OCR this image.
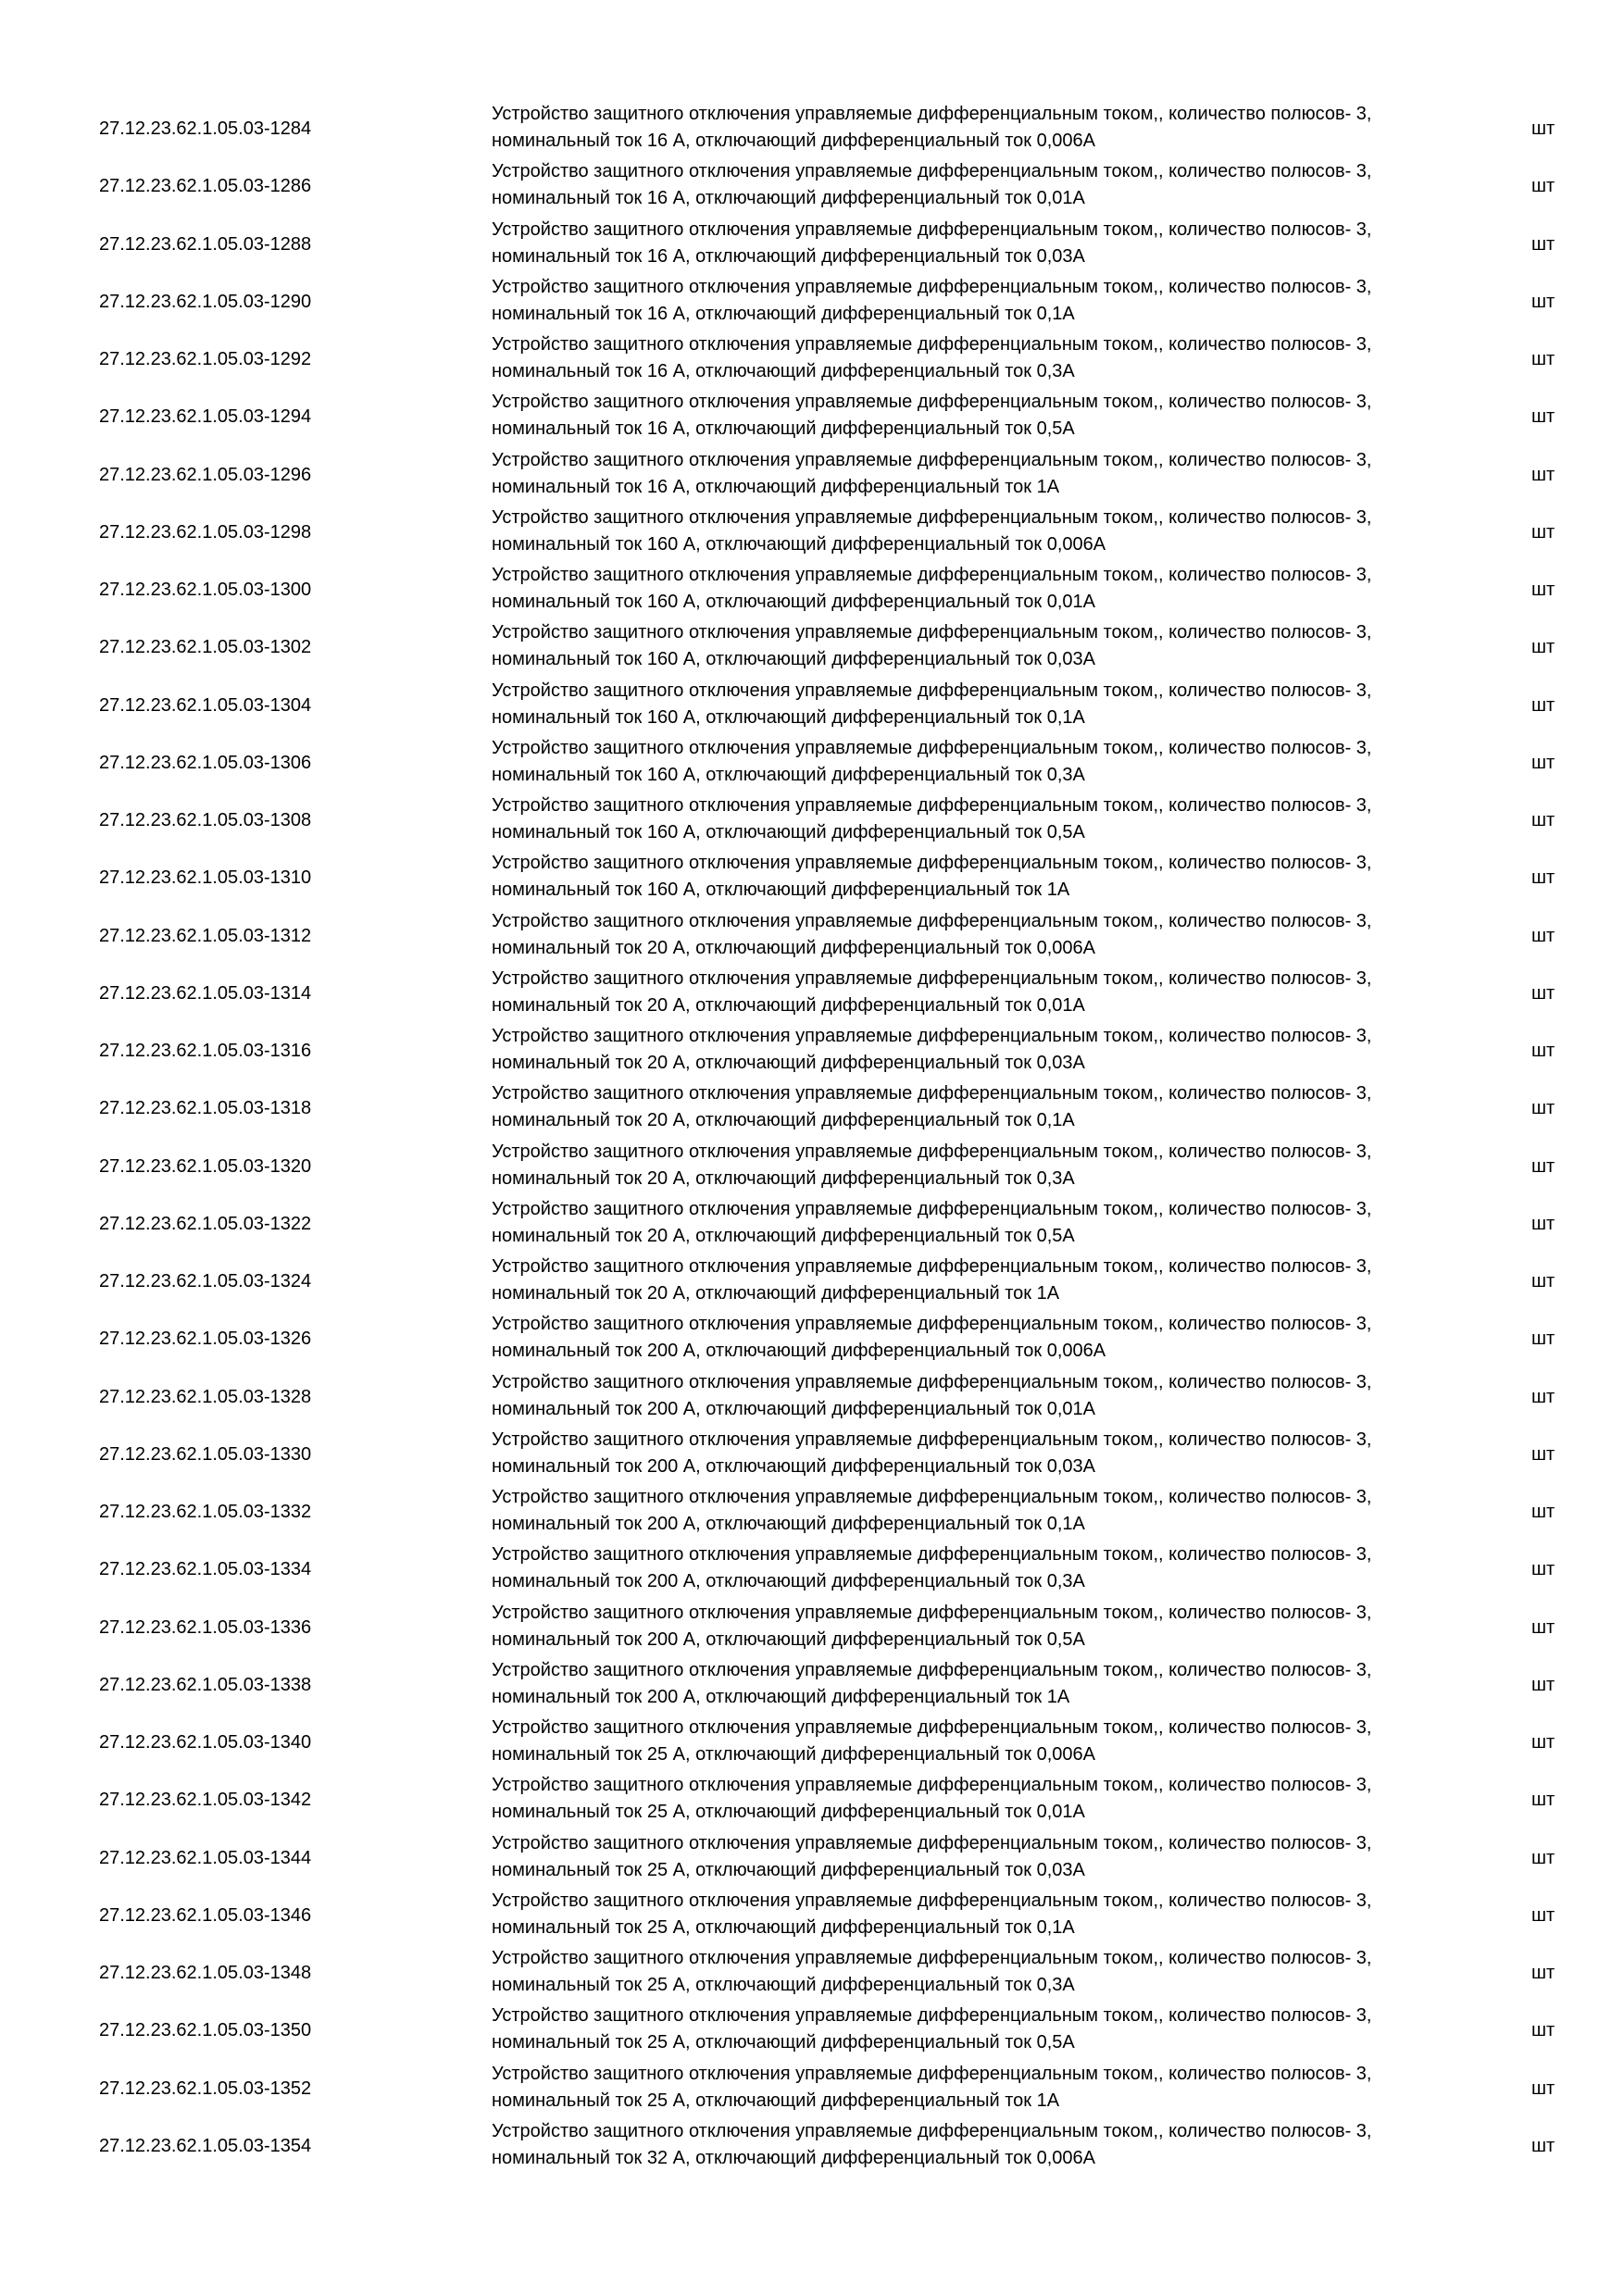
27.12.23.62.1.05.03-1284
Устройство защитного отключения управляемые дифференциальным током,, количество полюсов- 3,
номинальный ток 16 А, отключающий дифференциальный ток 0,006А
шт
27.12.23.62.1.05.03-1286
Устройство защитного отключения управляемые дифференциальным током,, количество полюсов- 3,
номинальный ток 16 А, отключающий дифференциальный ток 0,01А
шт
27.12.23.62.1.05.03-1288
Устройство защитного отключения управляемые дифференциальным током,, количество полюсов- 3,
номинальный ток 16 А, отключающий дифференциальный ток 0,03А
шт
27.12.23.62.1.05.03-1290
Устройство защитного отключения управляемые дифференциальным током,, количество полюсов- 3,
номинальный ток 16 А, отключающий дифференциальный ток 0,1А
шт
27.12.23.62.1.05.03-1292
Устройство защитного отключения управляемые дифференциальным током,, количество полюсов- 3,
номинальный ток 16 А, отключающий дифференциальный ток 0,3А
шт
27.12.23.62.1.05.03-1294
Устройство защитного отключения управляемые дифференциальным током,, количество полюсов- 3,
номинальный ток 16 А, отключающий дифференциальный ток 0,5А
шт
27.12.23.62.1.05.03-1296
Устройство защитного отключения управляемые дифференциальным током,, количество полюсов- 3,
номинальный ток 16 А, отключающий дифференциальный ток 1А
шт
27.12.23.62.1.05.03-1298
Устройство защитного отключения управляемые дифференциальным током,, количество полюсов- 3,
номинальный ток 160 А, отключающий дифференциальный ток 0,006А
шт
27.12.23.62.1.05.03-1300
Устройство защитного отключения управляемые дифференциальным током,, количество полюсов- 3,
номинальный ток 160 А, отключающий дифференциальный ток 0,01А
шт
27.12.23.62.1.05.03-1302
Устройство защитного отключения управляемые дифференциальным током,, количество полюсов- 3,
номинальный ток 160 А, отключающий дифференциальный ток 0,03А
шт
27.12.23.62.1.05.03-1304
Устройство защитного отключения управляемые дифференциальным током,, количество полюсов- 3,
номинальный ток 160 А, отключающий дифференциальный ток 0,1А
шт
27.12.23.62.1.05.03-1306
Устройство защитного отключения управляемые дифференциальным током,, количество полюсов- 3,
номинальный ток 160 А, отключающий дифференциальный ток 0,3А
шт
27.12.23.62.1.05.03-1308
Устройство защитного отключения управляемые дифференциальным током,, количество полюсов- 3,
номинальный ток 160 А, отключающий дифференциальный ток 0,5А
шт
27.12.23.62.1.05.03-1310
Устройство защитного отключения управляемые дифференциальным током,, количество полюсов- 3,
номинальный ток 160 А, отключающий дифференциальный ток 1А
шт
27.12.23.62.1.05.03-1312
Устройство защитного отключения управляемые дифференциальным током,, количество полюсов- 3,
номинальный ток 20 А, отключающий дифференциальный ток 0,006А
шт
27.12.23.62.1.05.03-1314
Устройство защитного отключения управляемые дифференциальным током,, количество полюсов- 3,
номинальный ток 20 А, отключающий дифференциальный ток 0,01А
шт
27.12.23.62.1.05.03-1316
Устройство защитного отключения управляемые дифференциальным током,, количество полюсов- 3,
номинальный ток 20 А, отключающий дифференциальный ток 0,03А
шт
27.12.23.62.1.05.03-1318
Устройство защитного отключения управляемые дифференциальным током,, количество полюсов- 3,
номинальный ток 20 А, отключающий дифференциальный ток 0,1А
шт
27.12.23.62.1.05.03-1320
Устройство защитного отключения управляемые дифференциальным током,, количество полюсов- 3,
номинальный ток 20 А, отключающий дифференциальный ток 0,3А
шт
27.12.23.62.1.05.03-1322
Устройство защитного отключения управляемые дифференциальным током,, количество полюсов- 3,
номинальный ток 20 А, отключающий дифференциальный ток 0,5А
шт
27.12.23.62.1.05.03-1324
Устройство защитного отключения управляемые дифференциальным током,, количество полюсов- 3,
номинальный ток 20 А, отключающий дифференциальный ток 1А
шт
27.12.23.62.1.05.03-1326
Устройство защитного отключения управляемые дифференциальным током,, количество полюсов- 3,
номинальный ток 200 А, отключающий дифференциальный ток 0,006А
шт
27.12.23.62.1.05.03-1328
Устройство защитного отключения управляемые дифференциальным током,, количество полюсов- 3,
номинальный ток 200 А, отключающий дифференциальный ток 0,01А
шт
27.12.23.62.1.05.03-1330
Устройство защитного отключения управляемые дифференциальным током,, количество полюсов- 3,
номинальный ток 200 А, отключающий дифференциальный ток 0,03А
шт
27.12.23.62.1.05.03-1332
Устройство защитного отключения управляемые дифференциальным током,, количество полюсов- 3,
номинальный ток 200 А, отключающий дифференциальный ток 0,1А
шт
27.12.23.62.1.05.03-1334
Устройство защитного отключения управляемые дифференциальным током,, количество полюсов- 3,
номинальный ток 200 А, отключающий дифференциальный ток 0,3А
шт
27.12.23.62.1.05.03-1336
Устройство защитного отключения управляемые дифференциальным током,, количество полюсов- 3,
номинальный ток 200 А, отключающий дифференциальный ток 0,5А
шт
27.12.23.62.1.05.03-1338
Устройство защитного отключения управляемые дифференциальным током,, количество полюсов- 3,
номинальный ток 200 А, отключающий дифференциальный ток 1А
шт
27.12.23.62.1.05.03-1340
Устройство защитного отключения управляемые дифференциальным током,, количество полюсов- 3,
номинальный ток 25 А, отключающий дифференциальный ток 0,006А
шт
27.12.23.62.1.05.03-1342
Устройство защитного отключения управляемые дифференциальным током,, количество полюсов- 3,
номинальный ток 25 А, отключающий дифференциальный ток 0,01А
шт
27.12.23.62.1.05.03-1344
Устройство защитного отключения управляемые дифференциальным током,, количество полюсов- 3,
номинальный ток 25 А, отключающий дифференциальный ток 0,03А
шт
27.12.23.62.1.05.03-1346
Устройство защитного отключения управляемые дифференциальным током,, количество полюсов- 3,
номинальный ток 25 А, отключающий дифференциальный ток 0,1А
шт
27.12.23.62.1.05.03-1348
Устройство защитного отключения управляемые дифференциальным током,, количество полюсов- 3,
номинальный ток 25 А, отключающий дифференциальный ток 0,3А
шт
27.12.23.62.1.05.03-1350
Устройство защитного отключения управляемые дифференциальным током,, количество полюсов- 3,
номинальный ток 25 А, отключающий дифференциальный ток 0,5А
шт
27.12.23.62.1.05.03-1352
Устройство защитного отключения управляемые дифференциальным током,, количество полюсов- 3,
номинальный ток 25 А, отключающий дифференциальный ток 1А
шт
27.12.23.62.1.05.03-1354
Устройство защитного отключения управляемые дифференциальным током,, количество полюсов- 3,
номинальный ток 32 А, отключающий дифференциальный ток 0,006А
шт
